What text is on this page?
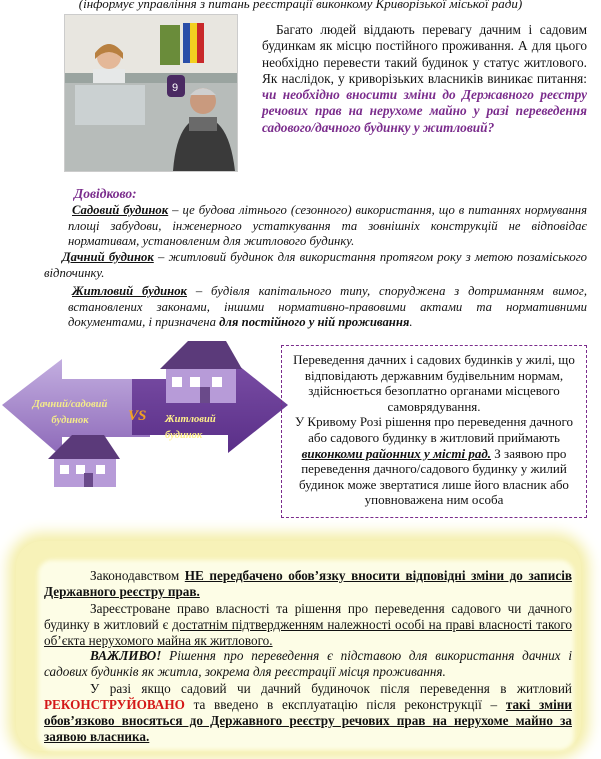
(інформує управління з питань реєстрації виконкому Криворізької міської ради)
9
Багато людей віддають перевагу дачним і садовим будинкам як місцю постійного проживання. А для цього необхідно перевести такий будинок у статус житлового. Як наслідок, у криворізьких власників виникає питання: чи необхідно вносити зміни до Державного реєстру речових прав на нерухоме майно у разі переведення садового/дачного будинку у житловий?
Довідково:
Садовий будинок – це будова літнього (сезонного) використання, що в питаннях нормування площі забудови, інженерного устаткування та зовнішніх конструкцій не відповідає нормативам, установленим для житлового будинку.
Дачний будинок – житловий будинок для використання протягом року з метою позаміського відпочинку.
Житловий будинок – будівля капітального типу, споруджена з дотриманням вимог, встановлених законами, іншими нормативно-правовими актами та нормативними документами, і призначена для постійного у ній проживання.
Дачний/садовий будинок	VS Житловий будинок
Переведення дачних і садових будинків у жилі, що відповідають державним будівельним нормам, здійснюється безоплатно органами місцевого самоврядування.
У Кривому Розі рішення про переведення дачного або садового будинку в житловий приймають виконкоми районних у місті рад. З заявою про переведення дачного/садового будинку у жилий будинок може звертатися лише його власник або уповноважена ним особа
Законодавством НЕ передбачено обов’язку вносити відповідні зміни до записів Державного реєстру прав.
Зареєстроване право власності та рішення про переведення садового чи дачного будинку в житловий є достатнім підтвердженням належності особі на праві власності такого об’єкта нерухомого майна як житлового.
ВАЖЛИВО! Рішення про переведення є підставою для використання дачних і садових будинків як житла, зокрема для реєстрації місця проживання.
У разі якщо садовий чи дачний будиночок після переведення в житловий РЕКОНСТРУЙОВАНО та введено в експлуатацію після реконструкції – такі зміни обов’язково вносяться до Державного реєстру речових прав на нерухоме майно за заявою власника.
